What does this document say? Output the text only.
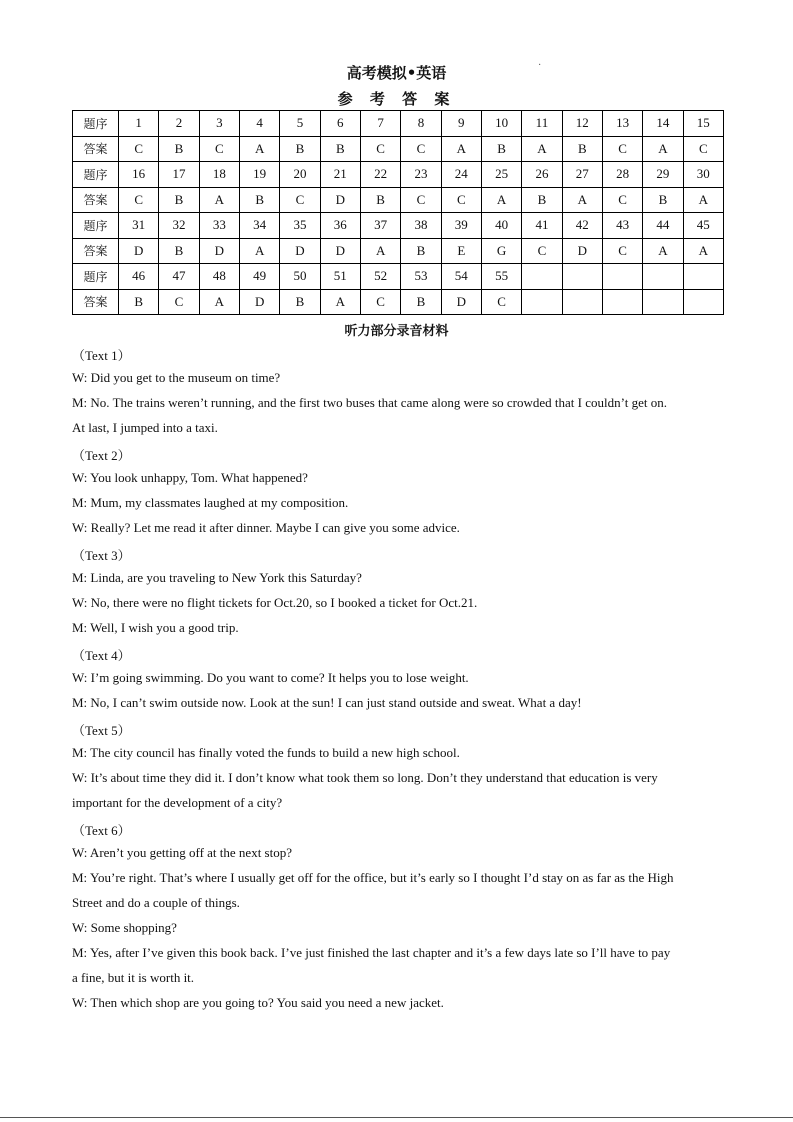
·
高考模拟•英语
参 考 答 案
题序	1	2	3	4	5	6	7	8	9	10	11	12	13	14	15
答案	C	B	C	A	B	B	C	C	A	B	A	B	C	A	C
题序	16	17	18	19	20	21	22	23	24	25	26	27	28	29	30
答案	C	B	A	B	C	D	B	C	C	A	B	A	C	B	A
题序	31	32	33	34	35	36	37	38	39	40	41	42	43	44	45
答案	D	B	D	A	D	D	A	B	E	G	C	D	C	A	A
题序	46	47	48	49	50	51	52	53	54	55					
答案	B	C	A	D	B	A	C	B	D	C					
听力部分录音材料
（Text 1）
W: Did you get to the museum on time?
M: No. The trains weren’t running, and the first two buses that came along were so crowded that I couldn’t get on.
At last, I jumped into a taxi.
（Text 2）
W: You look unhappy, Tom. What happened?
M: Mum, my classmates laughed at my composition.
W: Really? Let me read it after dinner. Maybe I can give you some advice.
（Text 3）
M: Linda, are you traveling to New York this Saturday?
W: No, there were no flight tickets for Oct.20, so I booked a ticket for Oct.21.
M: Well, I wish you a good trip.
（Text 4）
W: I’m going swimming. Do you want to come? It helps you to lose weight.
M: No, I can’t swim outside now. Look at the sun! I can just stand outside and sweat. What a day!
（Text 5）
M: The city council has finally voted the funds to build a new high school.
W: It’s about time they did it. I don’t know what took them so long. Don’t they understand that education is very
important for the development of a city?
（Text 6）
W: Aren’t you getting off at the next stop?
M: You’re right. That’s where I usually get off for the office, but it’s early so I thought I’d stay on as far as the High
Street and do a couple of things.
W: Some shopping?
M: Yes, after I’ve given this book back. I’ve just finished the last chapter and it’s a few days late so I’ll have to pay
a fine, but it is worth it.
W: Then which shop are you going to? You said you need a new jacket.
